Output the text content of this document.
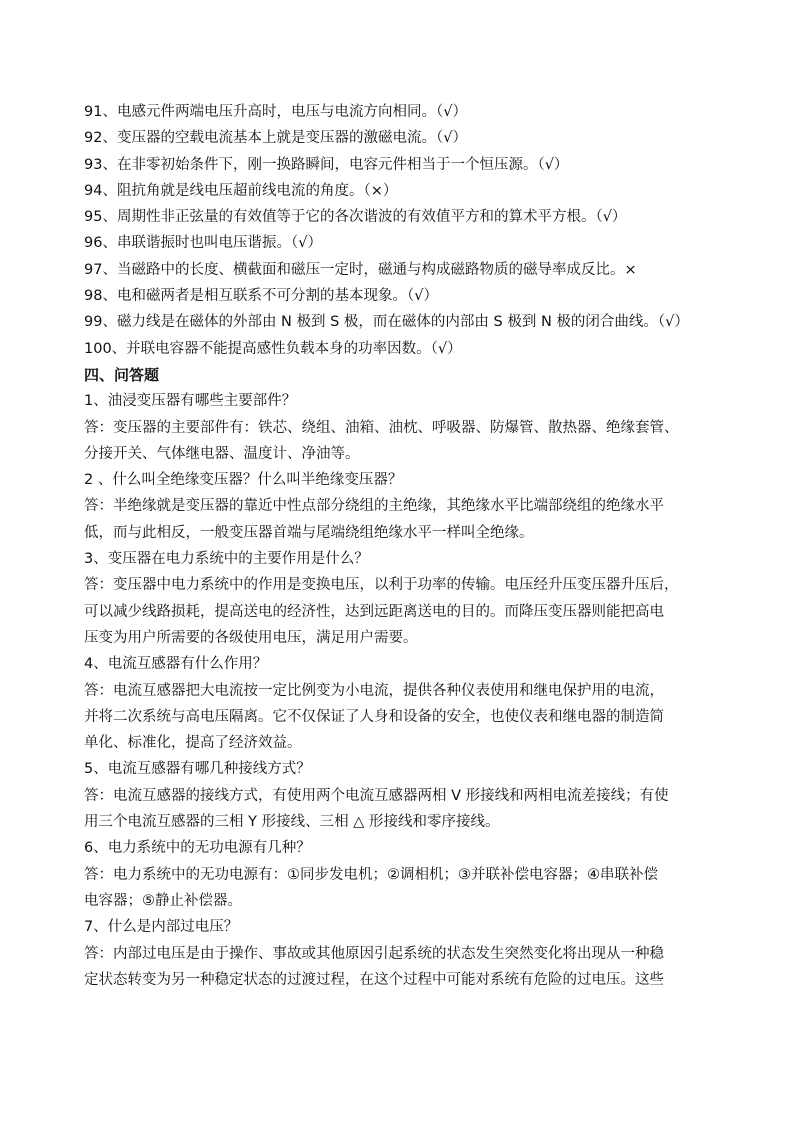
91、电感元件两端电压升高时，电压与电流方向相同。（√）
92、变压器的空载电流基本上就是变压器的激磁电流。（√）
93、在非零初始条件下，刚一换路瞬间，电容元件相当于一个恒压源。（√）
94、阻抗角就是线电压超前线电流的角度。（×）
95、周期性非正弦量的有效值等于它的各次谐波的有效值平方和的算术平方根。（√）
96、串联谐振时也叫电压谐振。（√）
97、当磁路中的长度、横截面和磁压一定时，磁通与构成磁路物质的磁导率成反比。×
98、电和磁两者是相互联系不可分割的基本现象。（√）
99、磁力线是在磁体的外部由 N 极到 S 极，而在磁体的内部由 S 极到 N 极的闭合曲线。（√）
100、并联电容器不能提高感性负载本身的功率因数。（√）
四、问答题
1、油浸变压器有哪些主要部件？
答：变压器的主要部件有：铁芯、绕组、油箱、油枕、呼吸器、防爆管、散热器、绝缘套管、
分接开关、气体继电器、温度计、净油等。
2 、什么叫全绝缘变压器？什么叫半绝缘变压器？
答：半绝缘就是变压器的靠近中性点部分绕组的主绝缘，其绝缘水平比端部绕组的绝缘水平
低，而与此相反，一般变压器首端与尾端绕组绝缘水平一样叫全绝缘。
3、变压器在电力系统中的主要作用是什么？
答：变压器中电力系统中的作用是变换电压，以利于功率的传输。电压经升压变压器升压后，
可以减少线路损耗，提高送电的经济性，达到远距离送电的目的。而降压变压器则能把高电
压变为用户所需要的各级使用电压，满足用户需要。
4、电流互感器有什么作用？
答：电流互感器把大电流按一定比例变为小电流，提供各种仪表使用和继电保护用的电流，
并将二次系统与高电压隔离。它不仅保证了人身和设备的安全，也使仪表和继电器的制造简
单化、标准化，提高了经济效益。
5、电流互感器有哪几种接线方式？
答：电流互感器的接线方式，有使用两个电流互感器两相 V 形接线和两相电流差接线；有使
用三个电流互感器的三相 Y 形接线、三相 △ 形接线和零序接线。
6、电力系统中的无功电源有几种？
答：电力系统中的无功电源有：①同步发电机；②调相机；③并联补偿电容器；④串联补偿
电容器；⑤静止补偿器。
7、什么是内部过电压？
答：内部过电压是由于操作、事故或其他原因引起系统的状态发生突然变化将出现从一种稳
定状态转变为另一种稳定状态的过渡过程，在这个过程中可能对系统有危险的过电压。这些
